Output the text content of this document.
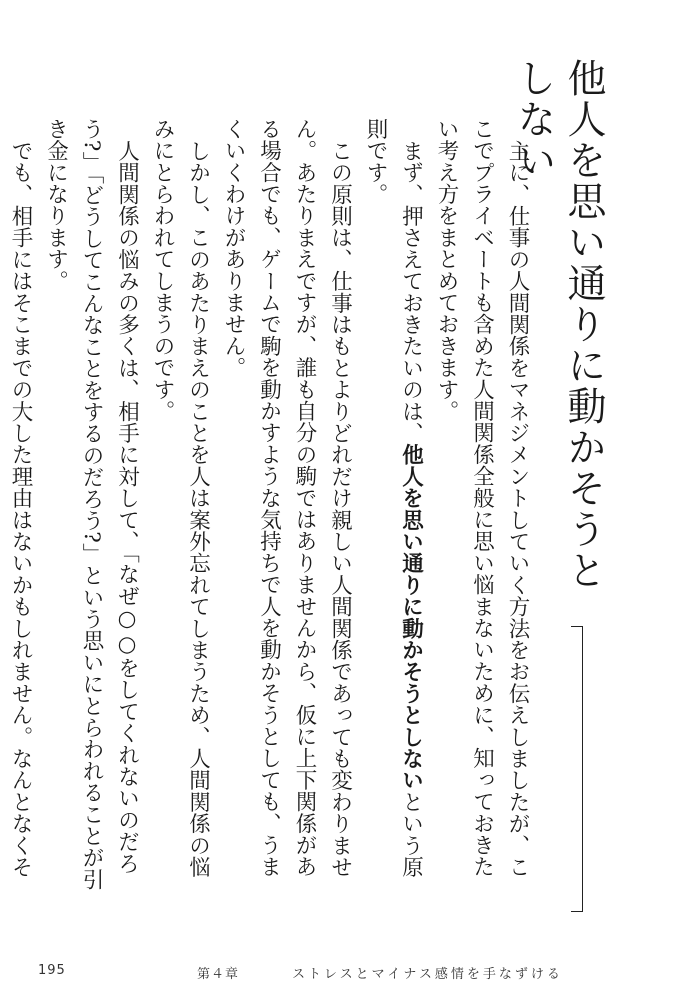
他人を思い通りに動かそうとしない

主に、仕事の人間関係をマネジメントしていく方法をお伝えしましたが、ここでプライベートも含めた人間関係全般に思い悩まないために、知っておきたい考え方をまとめておきます。

まず、押さえておきたいのは、他人を思い通りに動かそうとしないという原則です。

この原則は、仕事はもとよりどれだけ親しい人間関係であっても変わりません。あたりまえですが、誰も自分の駒ではありませんから、仮に上下関係がある場合でも、ゲームで駒を動かすような気持ちで人を動かそうとしても、うまくいくわけがありません。

しかし、このあたりまえのことを人は案外忘れてしまうため、人間関係の悩みにとらわれてしまうのです。

人間関係の悩みの多くは、相手に対して、「なぜ○○をしてくれないのだろう?」「どうしてこんなことをするのだろう?」という思いにとらわれることが引き金になります。

でも、相手にはそこまでの大した理由はないかもしれません。なんとなくそ

195	第４章	ストレスとマイナス感情を手なずける
